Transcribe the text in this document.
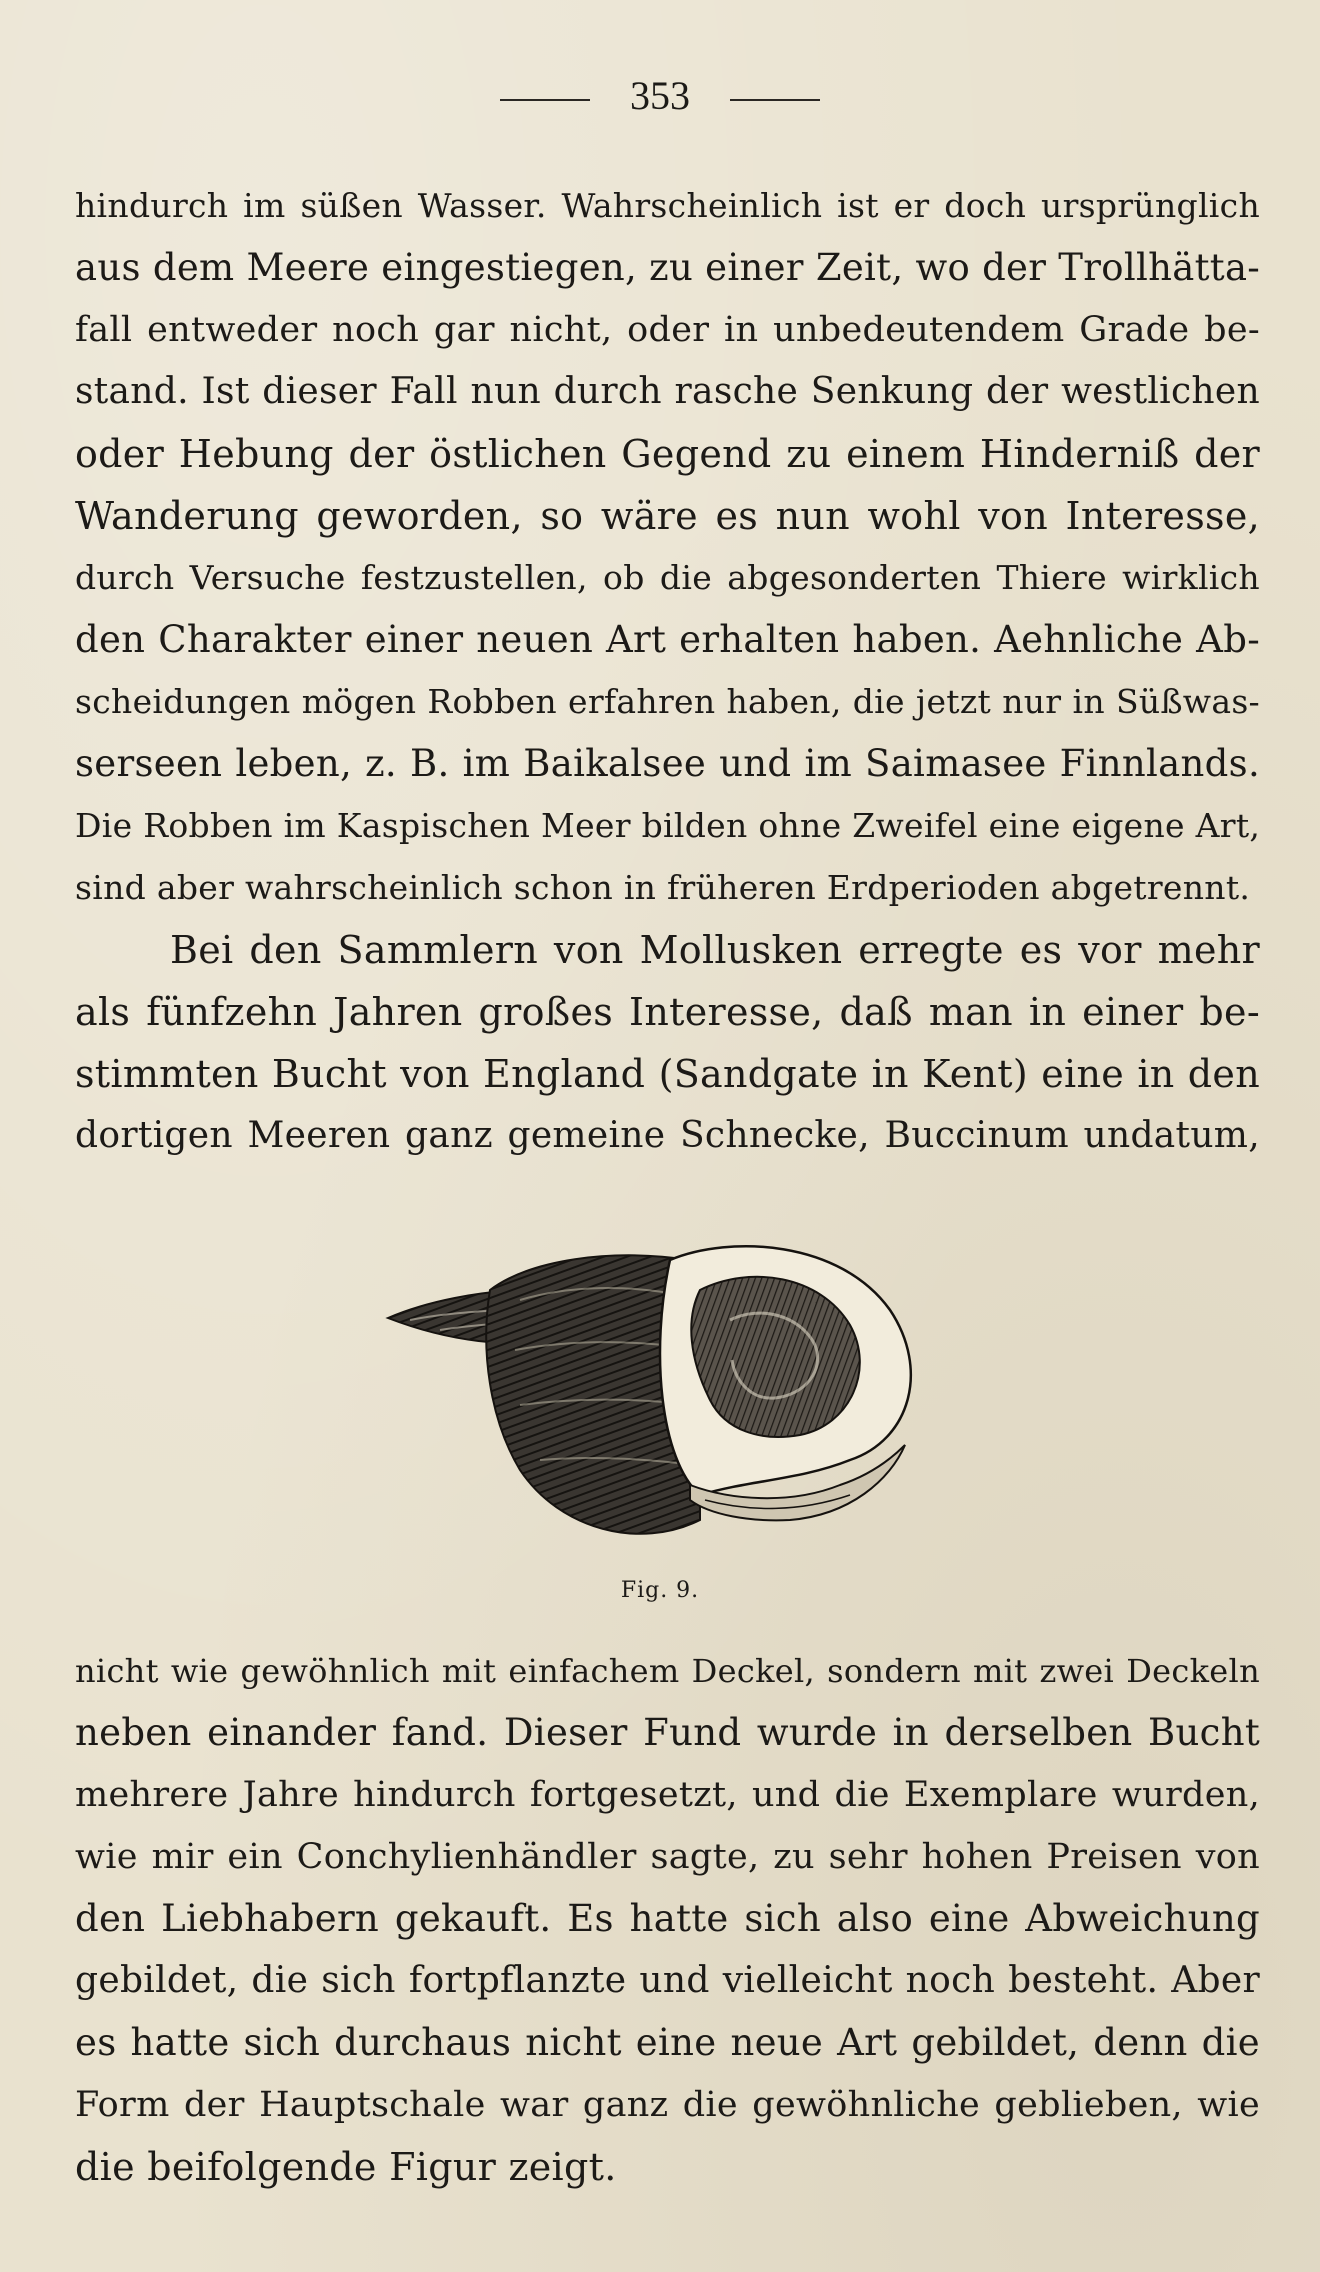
353
hindurch im süßen Wasser. Wahrscheinlich ist er doch ursprünglich
aus dem Meere eingestiegen, zu einer Zeit, wo der Trollhätta-
fall entweder noch gar nicht, oder in unbedeutendem Grade be-
stand. Ist dieser Fall nun durch rasche Senkung der westlichen
oder Hebung der östlichen Gegend zu einem Hinderniß der
Wanderung geworden, so wäre es nun wohl von Interesse,
durch Versuche festzustellen, ob die abgesonderten Thiere wirklich
den Charakter einer neuen Art erhalten haben. Aehnliche Ab-
scheidungen mögen Robben erfahren haben, die jetzt nur in Süßwas-
serseen leben, z. B. im Baikalsee und im Saimasee Finnlands.
Die Robben im Kaspischen Meer bilden ohne Zweifel eine eigene Art,
sind aber wahrscheinlich schon in früheren Erdperioden abgetrennt.
Bei den Sammlern von Mollusken erregte es vor mehr
als fünfzehn Jahren großes Interesse, daß man in einer be-
stimmten Bucht von England (Sandgate in Kent) eine in den
dortigen Meeren ganz gemeine Schnecke, Buccinum undatum,
Fig. 9.
nicht wie gewöhnlich mit einfachem Deckel, sondern mit zwei Deckeln
neben einander fand. Dieser Fund wurde in derselben Bucht
mehrere Jahre hindurch fortgesetzt, und die Exemplare wurden,
wie mir ein Conchylienhändler sagte, zu sehr hohen Preisen von
den Liebhabern gekauft. Es hatte sich also eine Abweichung
gebildet, die sich fortpflanzte und vielleicht noch besteht. Aber
es hatte sich durchaus nicht eine neue Art gebildet, denn die
Form der Hauptschale war ganz die gewöhnliche geblieben, wie
die beifolgende Figur zeigt.
